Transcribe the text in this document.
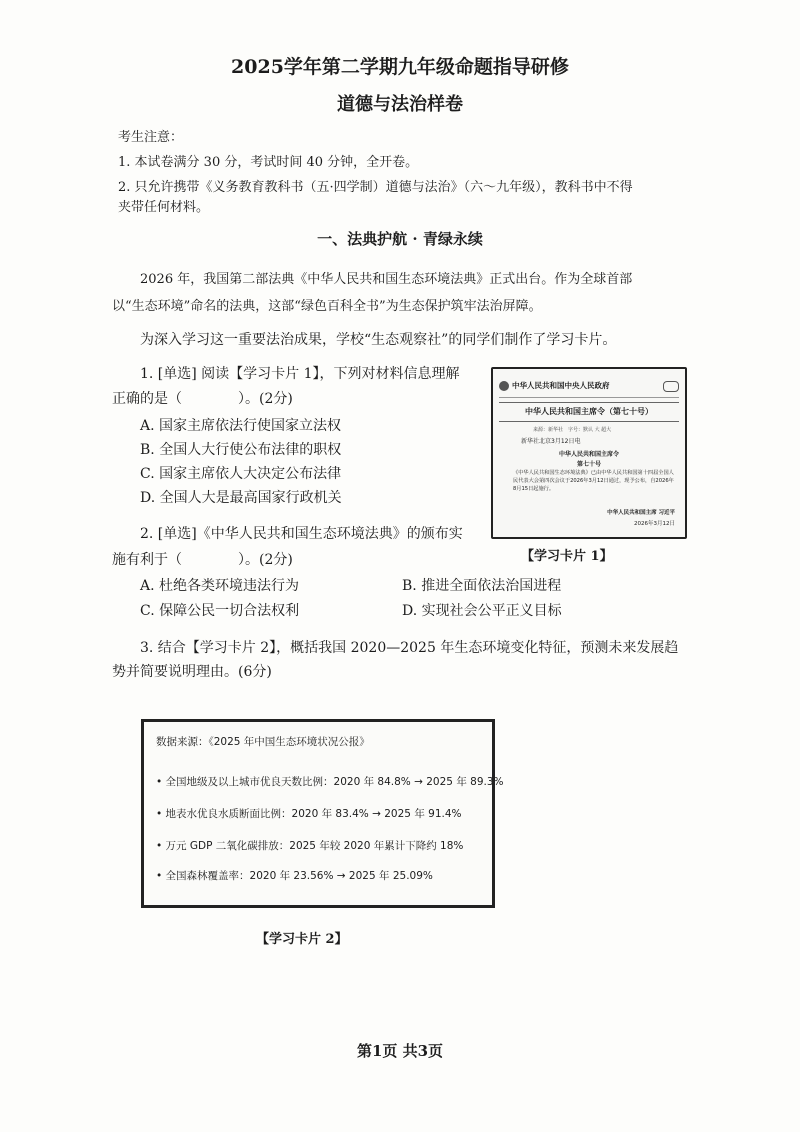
2025学年第二学期九年级命题指导研修
道德与法治样卷
考生注意：
1. 本试卷满分 30 分，考试时间 40 分钟，全开卷。
2. 只允许携带《义务教育教科书（五·四学制）道德与法治》（六～九年级），教科书中不得
夹带任何材料。
一、法典护航 · 青绿永续
2026 年，我国第二部法典《中华人民共和国生态环境法典》正式出台。作为全球首部
以“生态环境”命名的法典，这部“绿色百科全书”为生态保护筑牢法治屏障。
为深入学习这一重要法治成果，学校“生态观察社”的同学们制作了学习卡片。
1. [单选] 阅读【学习卡片 1】，下列对材料信息理解
正确的是（　　　　）。(2分)
A. 国家主席依法行使国家立法权
B. 全国人大行使公布法律的职权
C. 国家主席依人大决定公布法律
D. 全国人大是最高国家行政机关
中华人民共和国中央人民政府
中华人民共和国主席令（第七十号）
来源：新华社　字号：默认 大 超大
新华社北京3月12日电
中华人民共和国主席令
第七十号
《中华人民共和国生态环境法典》已由中华人民共和国第十四届全国人民代表大会第四次会议于2026年3月12日通过，现予公布，自2026年8月15日起施行。
中华人民共和国主席 习近平
2026年3月12日
【学习卡片 1】
2. [单选]《中华人民共和国生态环境法典》的颁布实
施有利于（　　　　）。(2分)
A. 杜绝各类环境违法行为	B. 推进全面依法治国进程
C. 保障公民一切合法权利	D. 实现社会公平正义目标
3. 结合【学习卡片 2】，概括我国 2020—2025 年生态环境变化特征，预测未来发展趋
势并简要说明理由。(6分)
数据来源：《2025 年中国生态环境状况公报》
• 全国地级及以上城市优良天数比例：2020 年 84.8% → 2025 年 89.3%
• 地表水优良水质断面比例：2020 年 83.4% → 2025 年 91.4%
• 万元 GDP 二氧化碳排放：2025 年较 2020 年累计下降约 18%
• 全国森林覆盖率：2020 年 23.56% → 2025 年 25.09%
【学习卡片 2】
第1页 共3页
